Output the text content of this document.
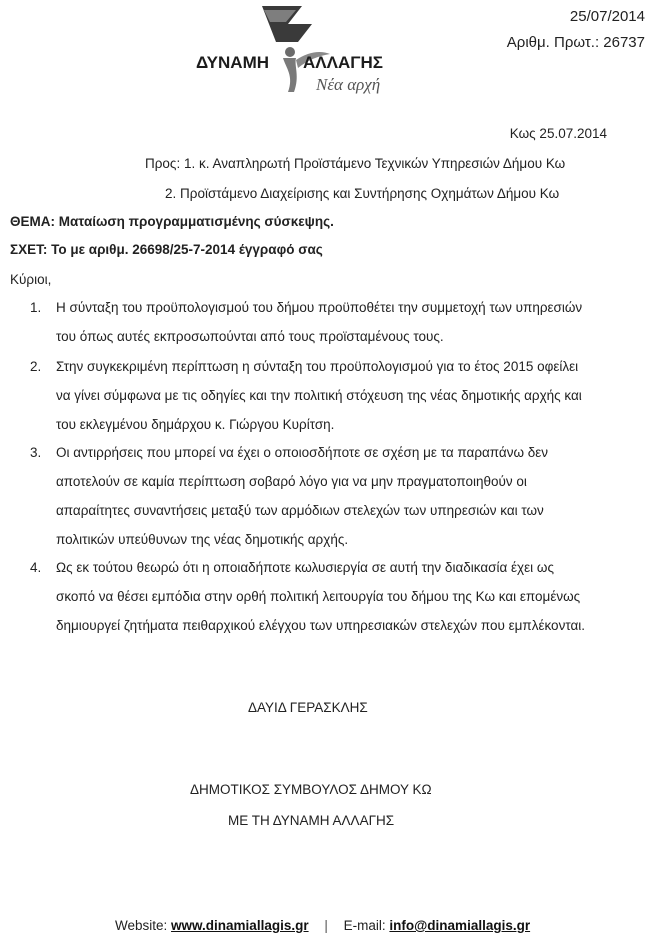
ΔΥΝΑΜΗ ΑΛΛΑΓΗΣ
Νέα αρχή
25/07/2014
Αριθμ. Πρωτ.: 26737
Κως 25.07.2014
Προς: 1. κ. Αναπληρωτή Προϊστάμενο Τεχνικών Υπηρεσιών Δήμου Κω
2. Προϊστάμενο Διαχείρισης και Συντήρησης Οχημάτων Δήμου Κω
ΘΕΜΑ: Ματαίωση προγραμματισμένης σύσκεψης.
ΣΧΕΤ: Το με αριθμ. 26698/25-7-2014 έγγραφό σας
Κύριοι,
1.	Η σύνταξη του προϋπολογισμού του δήμου προϋποθέτει την συμμετοχή των υπηρεσιών του όπως αυτές εκπροσωπούνται από τους προϊσταμένους τους.
2.	Στην συγκεκριμένη περίπτωση η σύνταξη του προϋπολογισμού για το έτος 2015 οφείλει να γίνει σύμφωνα με τις οδηγίες και την πολιτική στόχευση της νέας δημοτικής αρχής και του εκλεγμένου δημάρχου κ. Γιώργου Κυρίτση.
3.	Οι αντιρρήσεις που μπορεί να έχει ο οποιοσδήποτε σε σχέση με τα παραπάνω δεν αποτελούν σε καμία περίπτωση σοβαρό λόγο για να μην πραγματοποιηθούν οι απαραίτητες συναντήσεις μεταξύ των αρμόδιων στελεχών των υπηρεσιών και των πολιτικών υπεύθυνων της νέας δημοτικής αρχής.
4.	Ως εκ τούτου θεωρώ ότι η οποιαδήποτε κωλυσιεργία σε αυτή την διαδικασία έχει ως σκοπό να θέσει εμπόδια στην ορθή πολιτική λειτουργία του δήμου της Κω και επομένως δημιουργεί ζητήματα πειθαρχικού ελέγχου των υπηρεσιακών στελεχών που εμπλέκονται.
ΔΑΥΙΔ ΓΕΡΑΣΚΛΗΣ
ΔΗΜΟΤΙΚΟΣ ΣΥΜΒΟΥΛΟΣ ΔΗΜΟΥ ΚΩ
ΜΕ ΤΗ ΔΥΝΑΜΗ ΑΛΛΑΓΗΣ
Website: www.dinamiallagis.gr | E-mail: info@dinamiallagis.gr
